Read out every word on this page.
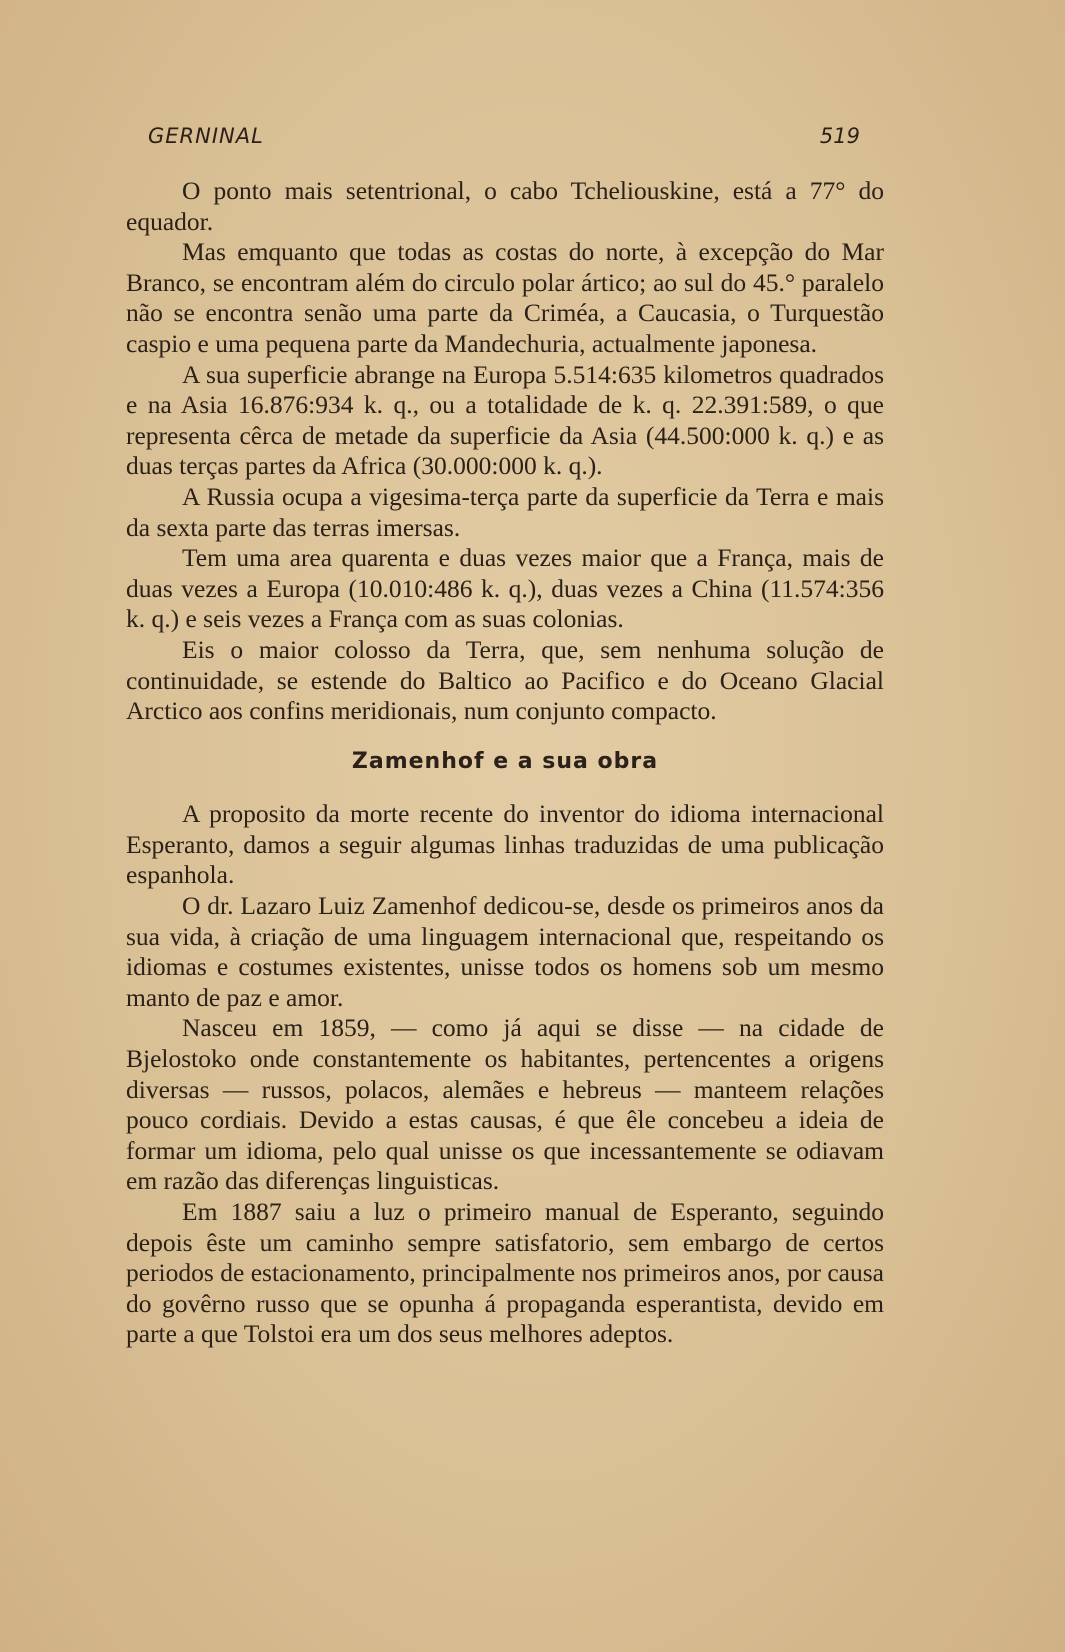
GERNINAL	519

O ponto mais setentrional, o cabo Tcheliouskine, está a 77° do equador.

Mas emquanto que todas as costas do norte, à excepção do Mar Branco, se encontram além do circulo polar ártico; ao sul do 45.° paralelo não se encontra senão uma parte da Criméa, a Caucasia, o Turquestão caspio e uma pequena parte da Mandechuria, actualmente japonesa.

A sua superficie abrange na Europa 5.514:635 kilometros quadrados e na Asia 16.876:934 k. q., ou a totalidade de k. q. 22.391:589, o que representa cêrca de metade da superficie da Asia (44.500:000 k. q.) e as duas terças partes da Africa (30.000:000 k. q.).

A Russia ocupa a vigesima-terça parte da superficie da Terra e mais da sexta parte das terras imersas.

Tem uma area quarenta e duas vezes maior que a França, mais de duas vezes a Europa (10.010:486 k. q.), duas vezes a China (11.574:356 k. q.) e seis vezes a França com as suas colonias.

Eis o maior colosso da Terra, que, sem nenhuma solução de continuidade, se estende do Baltico ao Pacifico e do Oceano Glacial Arctico aos confins meridionais, num conjunto compacto.

Zamenhof e a sua obra

A proposito da morte recente do inventor do idioma internacional Esperanto, damos a seguir algumas linhas traduzidas de uma publicação espanhola.

O dr. Lazaro Luiz Zamenhof dedicou-se, desde os primeiros anos da sua vida, à criação de uma linguagem internacional que, respeitando os idiomas e costumes existentes, unisse todos os homens sob um mesmo manto de paz e amor.

Nasceu em 1859, — como já aqui se disse — na cidade de Bjelostoko onde constantemente os habitantes, pertencentes a origens diversas — russos, polacos, alemães e hebreus — manteem relações pouco cordiais. Devido a estas causas, é que êle concebeu a ideia de formar um idioma, pelo qual unisse os que incessantemente se odiavam em razão das diferenças linguisticas.

Em 1887 saiu a luz o primeiro manual de Esperanto, seguindo depois êste um caminho sempre satisfatorio, sem embargo de certos periodos de estacionamento, principalmente nos primeiros anos, por causa do govêrno russo que se opunha á propaganda esperantista, devido em parte a que Tolstoi era um dos seus melhores adeptos.
